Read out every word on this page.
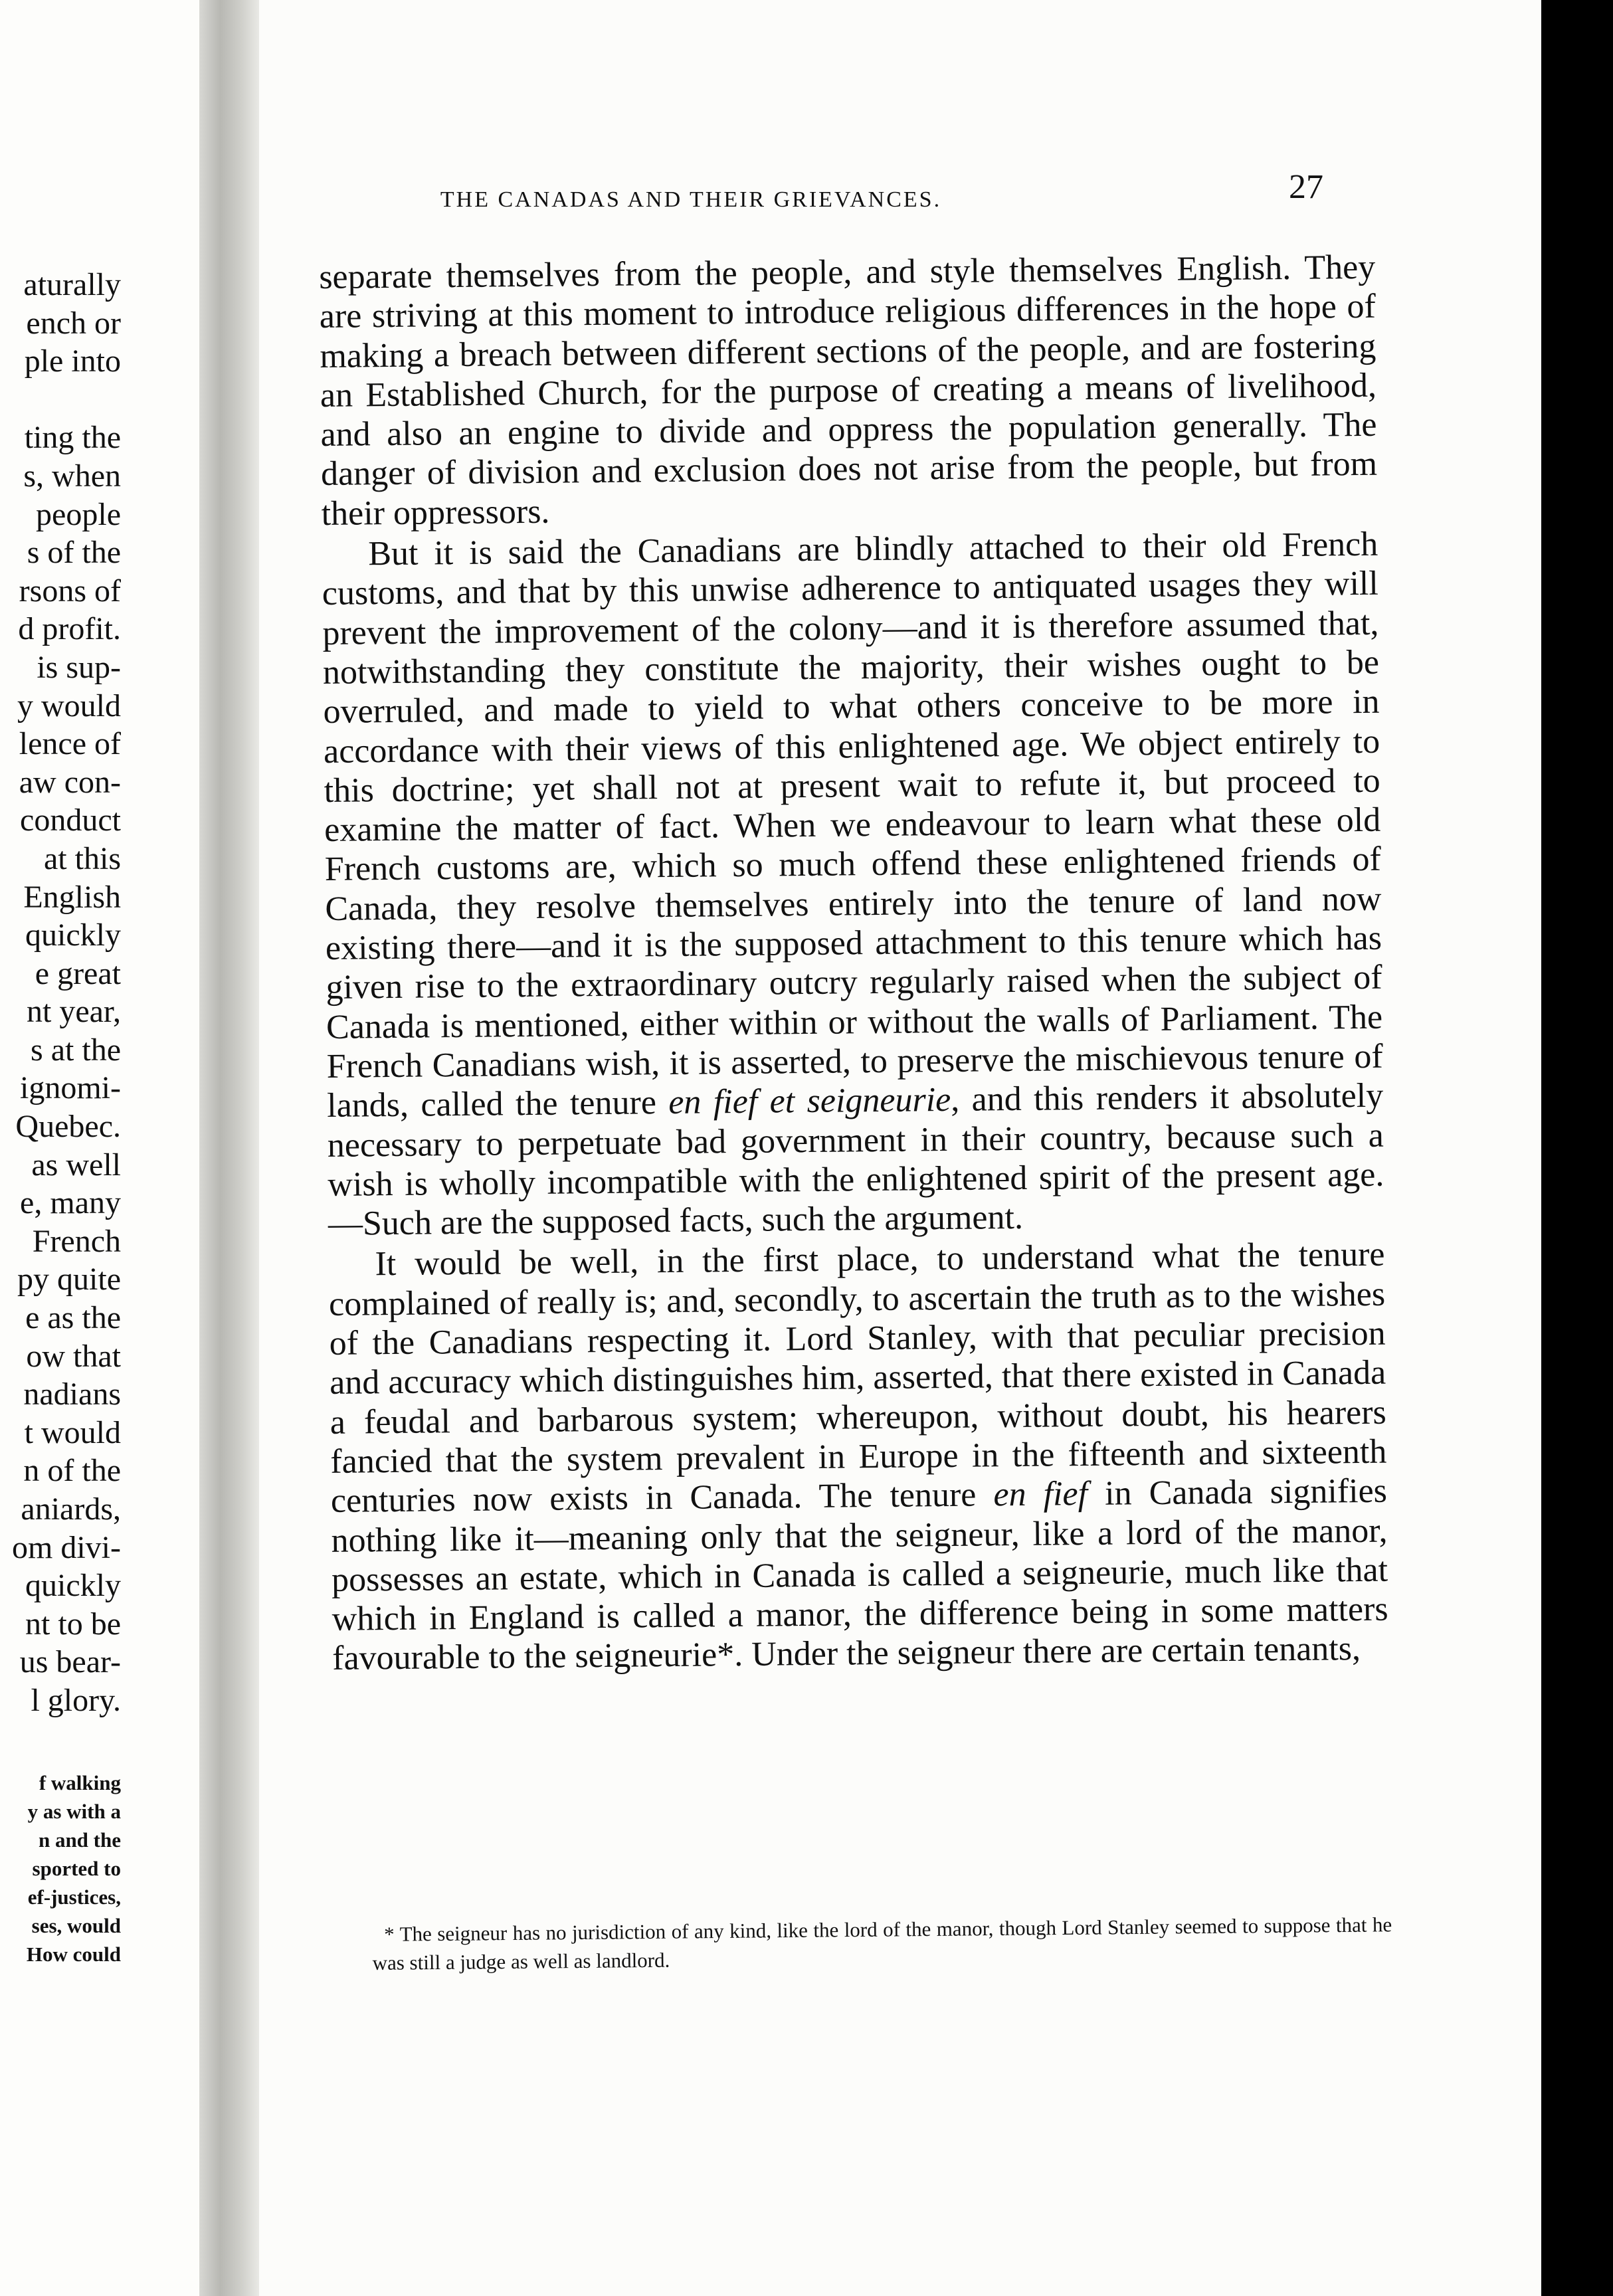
aturally
ench or
ple into

ting the
s, when
people
s of the
rsons of
d profit.
is sup-
y would
lence of
aw con-
conduct
at this
English
quickly
e great
nt year,
s at the
ignomi-
Quebec.
as well
e, many
French
py quite
e as the
ow that
nadians
t would
n of the
aniards,
om divi-
quickly
nt to be
us bear-
l glory.
f walking
y as with a
n and the
sported to
ef-justices,
ses, would
How could
THE CANADAS AND THEIR GRIEVANCES.	27

separate themselves from the people, and style themselves English. They are striving at this moment to introduce religious differences in the hope of making a breach between different sections of the people, and are fostering an Established Church, for the purpose of creating a means of livelihood, and also an engine to divide and oppress the population generally. The danger of division and exclusion does not arise from the people, but from their oppressors.

But it is said the Canadians are blindly attached to their old French customs, and that by this unwise adherence to antiquated usages they will prevent the improvement of the colony—and it is therefore assumed that, notwithstanding they constitute the majority, their wishes ought to be overruled, and made to yield to what others conceive to be more in accordance with their views of this enlightened age. We object entirely to this doctrine; yet shall not at present wait to refute it, but proceed to examine the matter of fact. When we endeavour to learn what these old French customs are, which so much offend these enlightened friends of Canada, they resolve themselves entirely into the tenure of land now existing there—and it is the supposed attachment to this tenure which has given rise to the extraordinary outcry regularly raised when the subject of Canada is mentioned, either within or without the walls of Parliament. The French Canadians wish, it is asserted, to preserve the mischievous tenure of lands, called the tenure en fief et seigneurie, and this renders it absolutely necessary to perpetuate bad government in their country, because such a wish is wholly incompatible with the enlightened spirit of the present age.—Such are the supposed facts, such the argument.

It would be well, in the first place, to understand what the tenure complained of really is; and, secondly, to ascertain the truth as to the wishes of the Canadians respecting it. Lord Stanley, with that peculiar precision and accuracy which distinguishes him, asserted, that there existed in Canada a feudal and barbarous system; whereupon, without doubt, his hearers fancied that the system prevalent in Europe in the fifteenth and sixteenth centuries now exists in Canada. The tenure en fief in Canada signifies nothing like it—meaning only that the seigneur, like a lord of the manor, possesses an estate, which in Canada is called a seigneurie, much like that which in England is called a manor, the difference being in some matters favourable to the seigneurie*. Under the seigneur there are certain tenants,

* The seigneur has no jurisdiction of any kind, like the lord of the manor, though Lord Stanley seemed to suppose that he was still a judge as well as landlord.
